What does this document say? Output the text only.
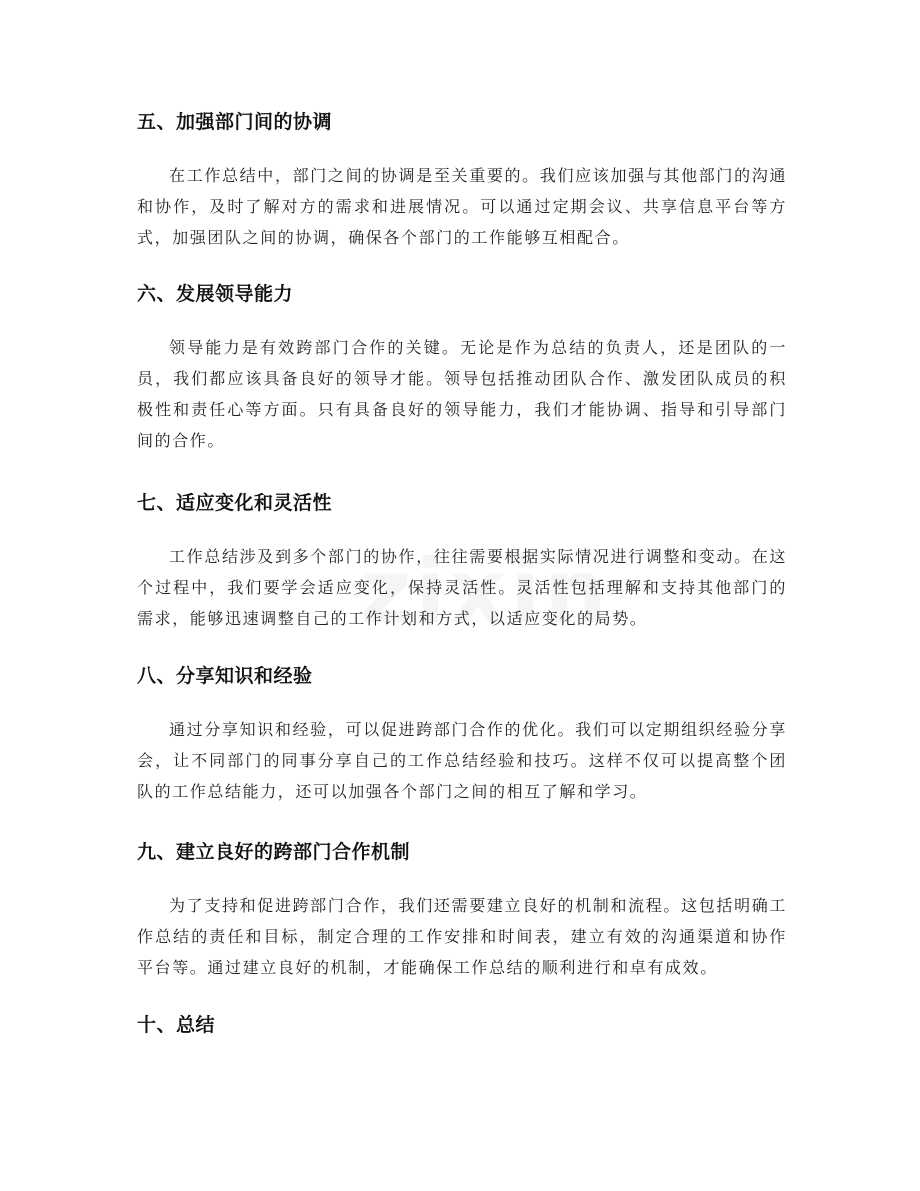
五、加强部门间的协调

在工作总结中，部门之间的协调是至关重要的。我们应该加强与其他部门的沟通和协作，及时了解对方的需求和进展情况。可以通过定期会议、共享信息平台等方式，加强团队之间的协调，确保各个部门的工作能够互相配合。

六、发展领导能力

领导能力是有效跨部门合作的关键。无论是作为总结的负责人，还是团队的一员，我们都应该具备良好的领导才能。领导包括推动团队合作、激发团队成员的积极性和责任心等方面。只有具备良好的领导能力，我们才能协调、指导和引导部门间的合作。

七、适应变化和灵活性

工作总结涉及到多个部门的协作，往往需要根据实际情况进行调整和变动。在这个过程中，我们要学会适应变化，保持灵活性。灵活性包括理解和支持其他部门的需求，能够迅速调整自己的工作计划和方式，以适应变化的局势。

八、分享知识和经验

通过分享知识和经验，可以促进跨部门合作的优化。我们可以定期组织经验分享会，让不同部门的同事分享自己的工作总结经验和技巧。这样不仅可以提高整个团队的工作总结能力，还可以加强各个部门之间的相互了解和学习。

九、建立良好的跨部门合作机制

为了支持和促进跨部门合作，我们还需要建立良好的机制和流程。这包括明确工作总结的责任和目标，制定合理的工作安排和时间表，建立有效的沟通渠道和协作平台等。通过建立良好的机制，才能确保工作总结的顺利进行和卓有成效。

十、总结
